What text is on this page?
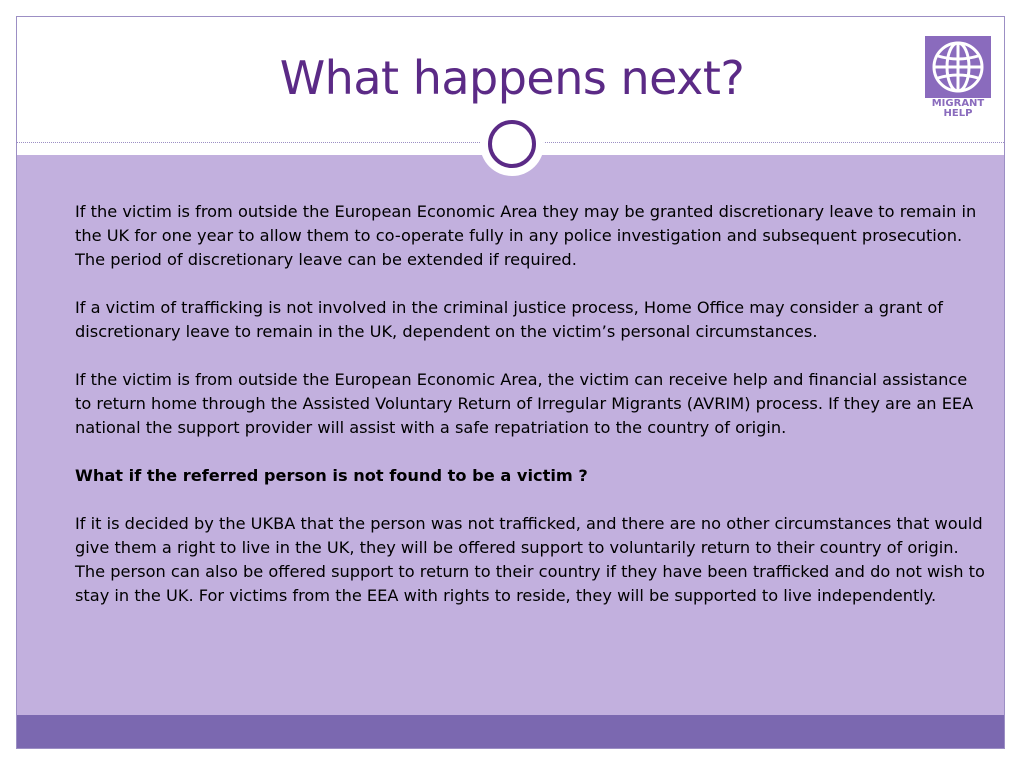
What happens next?	MIGRANT
HELP

If the victim is from outside the European Economic Area they may be granted discretionary leave to remain in the UK for one year to allow them to co-operate fully in any police investigation and subsequent prosecution. The period of discretionary leave can be extended if required.

If a victim of trafficking is not involved in the criminal justice process, Home Office may consider a grant of discretionary leave to remain in the UK, dependent on the victim’s personal circumstances.

If the victim is from outside the European Economic Area, the victim can receive help and financial assistance to return home through the Assisted Voluntary Return of Irregular Migrants (AVRIM) process. If they are an EEA national the support provider will assist with a safe repatriation to the country of origin.

What if the referred person is not found to be a victim ?

If it is decided by the UKBA that the person was not trafficked, and there are no other circumstances that would give them a right to live in the UK, they will be offered support to voluntarily return to their country of origin. The person can also be offered support to return to their country if they have been trafficked and do not wish to stay in the UK. For victims from the EEA with rights to reside, they will be supported to live independently.
